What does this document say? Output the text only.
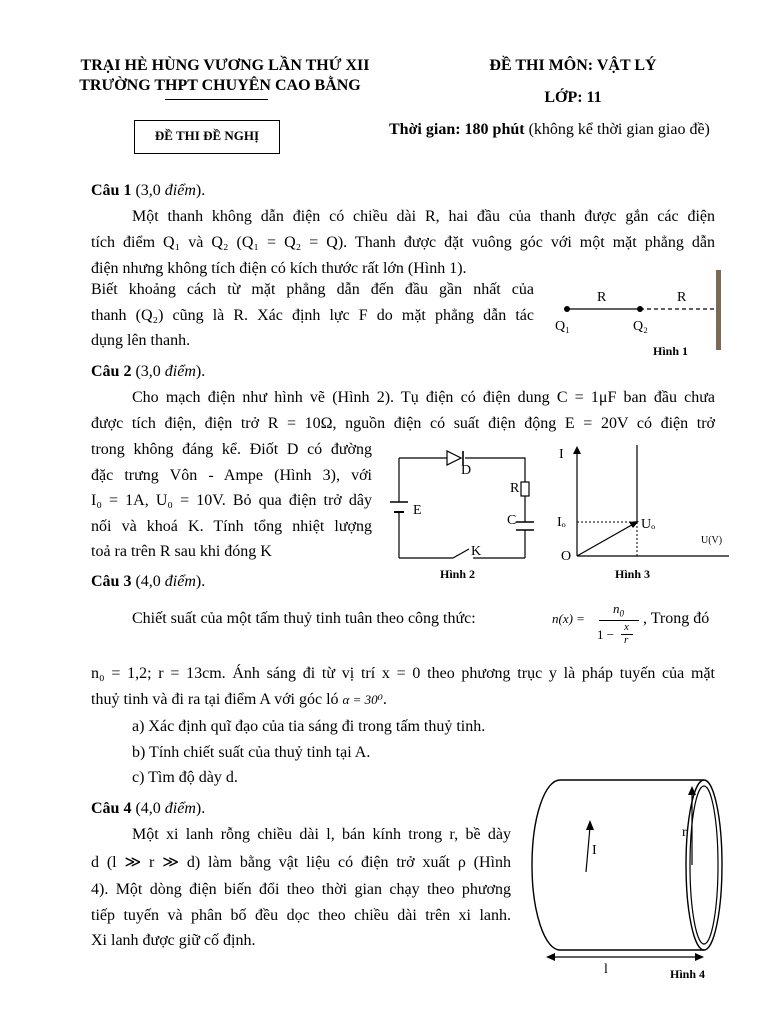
TRẠI HÈ HÙNG VƯƠNG LẦN THỨ XII
TRƯỜNG THPT CHUYÊN CAO BẰNG
ĐỀ THI MÔN: VẬT LÝ
LỚP: 11
Thời gian: 180 phút (không kể thời gian giao đề)
ĐỀ THI ĐỀ NGHỊ
Câu 1 (3,0 điểm).
Một thanh không dẫn điện có chiều dài R, hai đầu của thanh được gắn các điện
tích điểm Q₁ và Q₂ (Q₁ = Q₂ = Q). Thanh được đặt vuông góc với một mặt phẳng dẫn
điện nhưng không tích điện có kích thước rất lớn (Hình 1).
Biết khoảng cách từ mặt phẳng dẫn đến đầu gần nhất của
thanh (Q₂) cũng là R. Xác định lực F do mặt phẳng dẫn tác
dụng lên thanh.
R	R
Q₁	Q₂
Hình 1
Câu 2 (3,0 điểm).
Cho mạch điện như hình vẽ (Hình 2). Tụ điện có điện dung C = 1μF ban đầu chưa
được tích điện, điện trở R = 10Ω, nguồn điện có suất điện động E = 20V có điện trở
trong không đáng kể. Điốt D có đường
đặc trưng Vôn - Ampe (Hình 3), với
I₀ = 1A, U₀ = 10V. Bỏ qua điện trở dây
nối và khoá K. Tính tổng nhiệt lượng
toả ra trên R sau khi đóng K
D
R
E
C
K
Hình 2
I
Iₒ	Uₒ
O
U(V)
Hình 3
Câu 3 (4,0 điểm).
Chiết suất của một tấm thuỷ tinh tuân theo công thức:	n(x) =
$n_0$
1 − x
r
, Trong đó
n₀ = 1,2; r = 13cm. Ánh sáng đi từ vị trí x = 0 theo phương trục y là pháp tuyến của mặt
thuỷ tinh và đi ra tại điểm A với góc ló α = 30⁰.
a) Xác định quĩ đạo của tia sáng đi trong tấm thuỷ tinh.
b) Tính chiết suất của thuỷ tinh tại A.
c) Tìm độ dày d.
Câu 4 (4,0 điểm).
Một xi lanh rỗng chiều dài l, bán kính trong r, bề dày
d (l ≫ r ≫ d) làm bằng vật liệu có điện trở xuất ρ (Hình
4). Một dòng điện biến đổi theo thời gian chạy theo phương
tiếp tuyến và phân bố đều dọc theo chiều dài trên xi lanh.
Xi lanh được giữ cố định.
I
r
l	Hình 4
